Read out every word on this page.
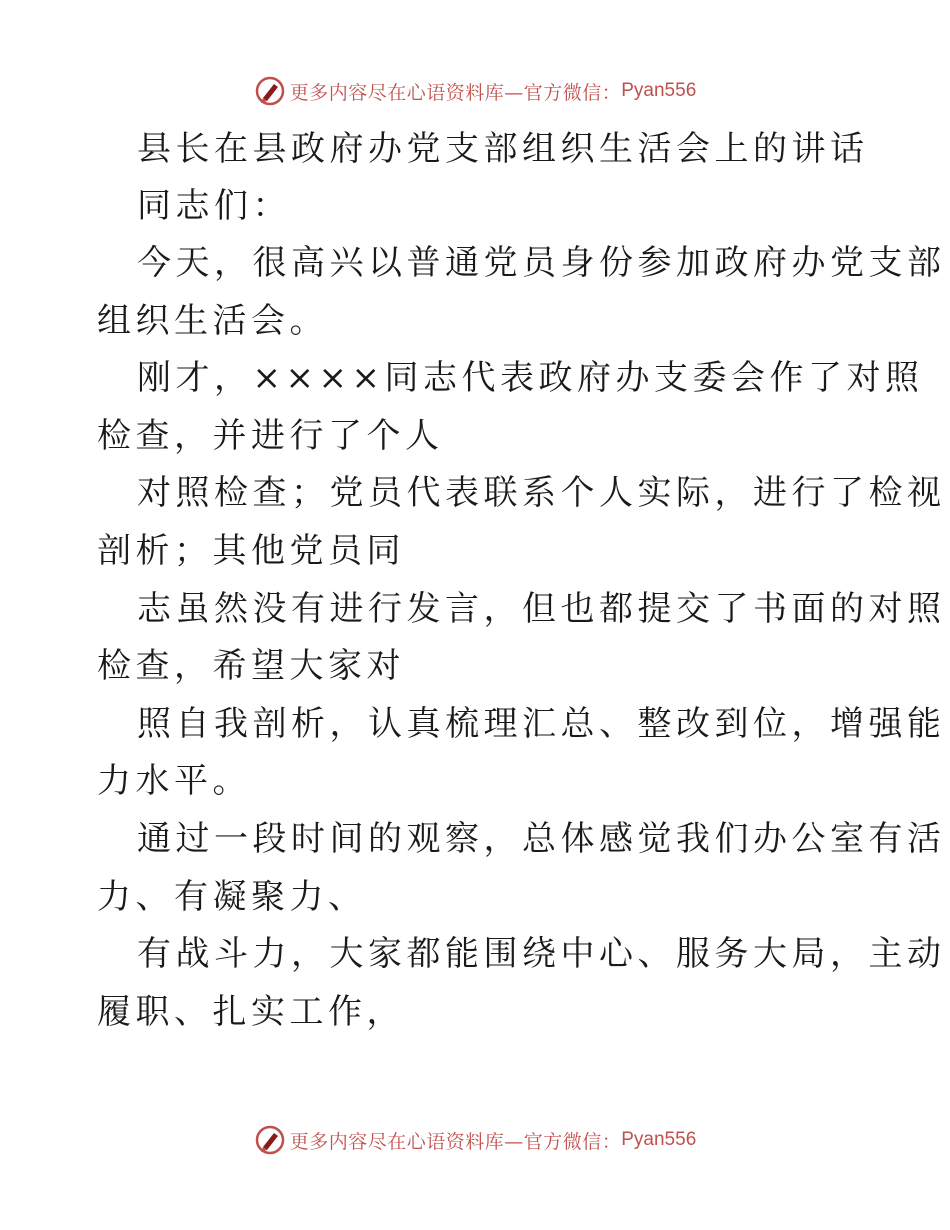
更多内容尽在心语资料库—官方微信： Pyan556
县长在县政府办党支部组织生活会上的讲话
同志们：
今天，很高兴以普通党员身份参加政府办党支部
组织生活会。
刚才，××××同志代表政府办支委会作了对照
检查，并进行了个人
对照检查；党员代表联系个人实际，进行了检视
剖析；其他党员同
志虽然没有进行发言，但也都提交了书面的对照
检查，希望大家对
照自我剖析，认真梳理汇总、整改到位，增强能
力水平。
通过一段时间的观察，总体感觉我们办公室有活
力、有凝聚力、
有战斗力，大家都能围绕中心、服务大局，主动
履职、扎实工作，
更多内容尽在心语资料库—官方微信： Pyan556
